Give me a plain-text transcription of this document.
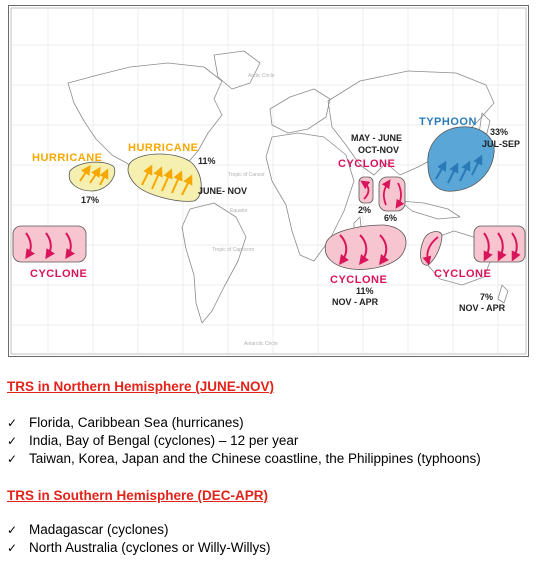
Arctic Circle
Tropic of Cancer
Equator
Tropic of Capricorn
Antarctic Circle
HURRICANE
17%
HURRICANE
11%
JUNE- NOV
CYCLONE
MAY - JUNE
OCT-NOV
CYCLONE
2%
6%
TYPHOON
33%
JUL-SEP
CYCLONE
11%
NOV - APR
CYCLONE
7%
NOV - APR
TRS in Northern Hemisphere (JUNE-NOV)
✓ Florida, Caribbean Sea (hurricanes)
✓ India, Bay of Bengal (cyclones) – 12 per year
✓ Taiwan, Korea, Japan and the Chinese coastline, the Philippines (typhoons)
TRS in Southern Hemisphere (DEC-APR)
✓ Madagascar (cyclones)
✓ North Australia (cyclones or Willy-Willys)
